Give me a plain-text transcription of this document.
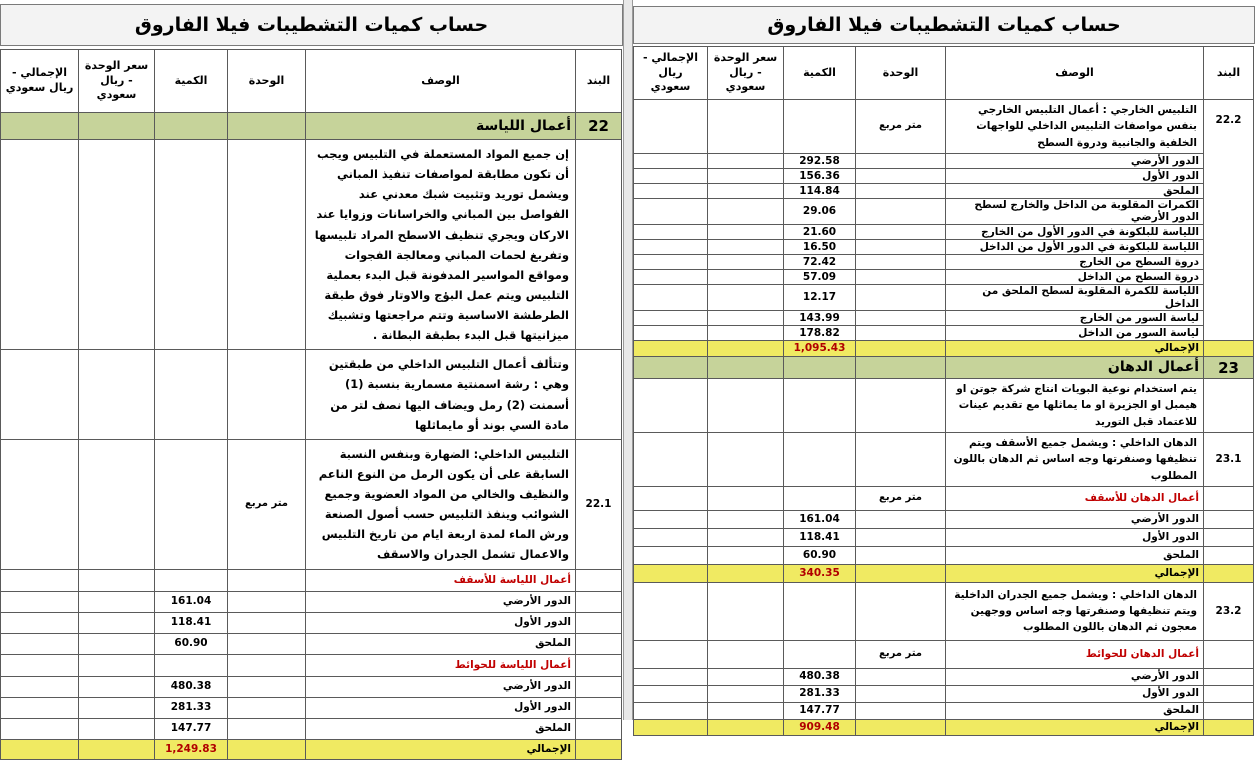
حساب كميات التشطيبات فيلا الفاروق
البند	الوصف	الوحدة	الكمية	سعر الوحدة - ريال سعودي	الإجمالي - ريال سعودي
22	أعمال اللياسة				
	إن جميع المواد المستعملة في التلبيس ويجب أن تكون مطابقة لمواصفات تنفيذ المباني ويشمل توريد وتثبيت شبك معدني عند الفواصل بين المباني والخراسانات وزوايا عند الاركان ويجري تنظيف الاسطح المراد تلبيسها وتفريغ لحمات المباني ومعالجة الفجوات ومواقع المواسير المدفونة قبل البدء بعملية التلبيس ويتم عمل البؤج والاوتار فوق طبقة الطرطشة الاساسية وتتم مراجعتها وتشبيك ميزانيتها قبل البدء بطبقة البطانة .				
	وتتألف أعمال التلبيس الداخلي من طبقتين وهي : رشة اسمنتية مسمارية بنسبة (1) أسمنت (2) رمل ويضاف اليها نصف لتر من مادة السي بوند أو مايماثلها				
22.1	التلبيس الداخلي: الضهارة وبنفس النسبة السابقة على أن يكون الرمل من النوع الناعم والنظيف والخالي من المواد العضوية وجميع الشوائب وينفذ التلبيس حسب أصول الصنعة ورش الماء لمدة اربعة ايام من تاريخ التلبيس والاعمال تشمل الجدران والاسقف	متر مربع			
	أعمال اللياسة للأسقف				
	الدور الأرضي		161.04		
	الدور الأول		118.41		
	الملحق		60.90		
	أعمال اللياسة للحوائط				
	الدور الأرضي		480.38		
	الدور الأول		281.33		
	الملحق		147.77		
	الإجمالي		1,249.83		
حساب كميات التشطيبات فيلا الفاروق
البند	الوصف	الوحدة	الكمية	سعر الوحدة - ريال سعودي	الإجمالي - ريال سعودي
22.2	التلبيس الخارجي : أعمال التلبيس الخارجي بنفس مواصفات التلبيس الداخلي للواجهات الخلفية والجانبية ودروة السطح	متر مربع			
	الدور الأرضي		292.58		
	الدور الأول		156.36		
	الملحق		114.84		
	الكمرات المقلوبة من الداخل والخارج لسطح الدور الأرضي		29.06		
	اللياسة للبلكونة في الدور الأول من الخارج		21.60		
	اللياسة للبلكونة في الدور الأول من الداخل		16.50		
	دروة السطح من الخارج		72.42		
	دروة السطح من الداخل		57.09		
	اللياسة للكمرة المقلوبة لسطح الملحق من الداخل		12.17		
	لياسة السور من الخارج		143.99		
	لياسة السور من الداخل		178.82		
	الإجمالي		1,095.43		
23	أعمال الدهان				
	يتم استخدام نوعية البويات انتاج شركة جوتن او هيمبل او الجزيرة او ما يماثلها مع تقديم عينات للاعتماد قبل التوريد				
23.1	الدهان الداخلي : ويشمل جميع الأسقف ويتم تنظيفها وصنفرتها وجه اساس ثم الدهان باللون المطلوب				
	أعمال الدهان للأسقف	متر مربع			
	الدور الأرضي		161.04		
	الدور الأول		118.41		
	الملحق		60.90		
	الإجمالي		340.35		
23.2	الدهان الداخلي : ويشمل جميع الجدران الداخلية ويتم تنظيفها وصنفرتها وجه اساس ووجهين معجون ثم الدهان باللون المطلوب				
	أعمال الدهان للحوائط	متر مربع			
	الدور الأرضي		480.38		
	الدور الأول		281.33		
	الملحق		147.77		
	الإجمالي		909.48		
